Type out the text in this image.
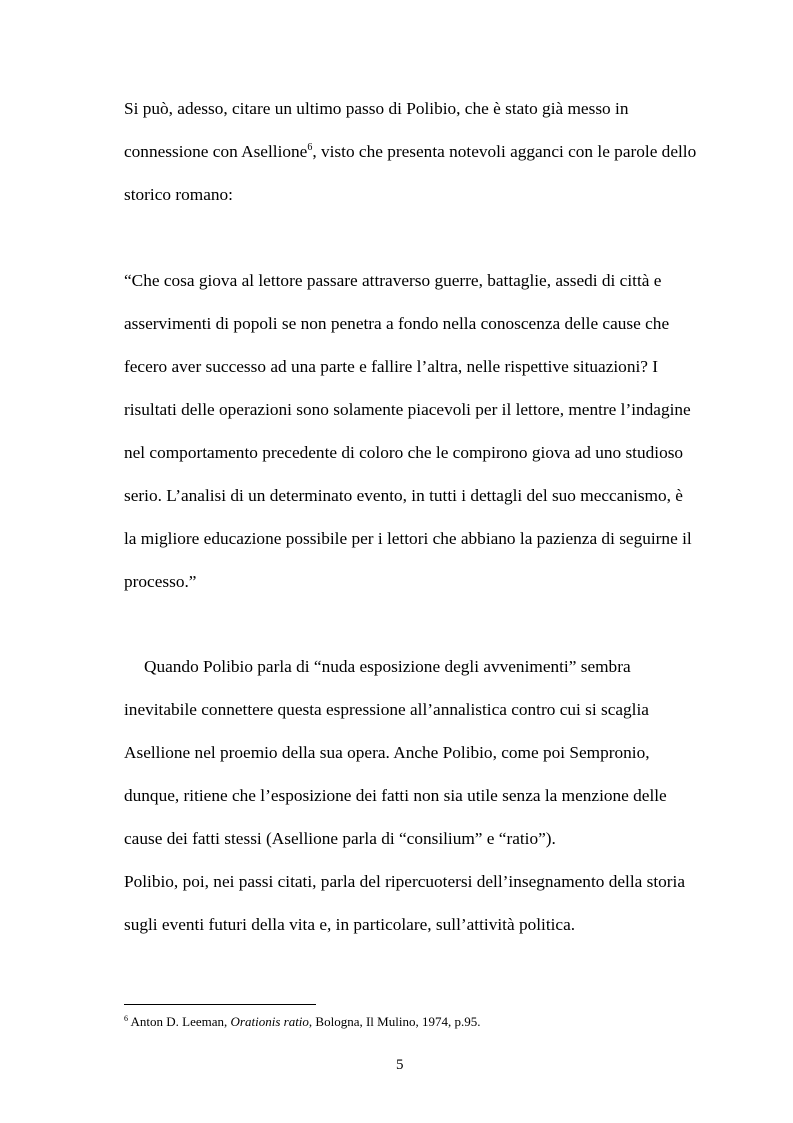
Si può, adesso, citare un ultimo passo di Polibio, che è stato già messo in connessione con Asellione$^6$, visto che presenta notevoli agganci con le parole dello storico romano:

“Che cosa giova al lettore passare attraverso guerre, battaglie, assedi di città e asservimenti di popoli se non penetra a fondo nella conoscenza delle cause che fecero aver successo ad una parte e fallire l’altra, nelle rispettive situazioni? I risultati delle operazioni sono solamente piacevoli per il lettore, mentre l’indagine nel comportamento precedente di coloro che le compirono giova ad uno studioso serio. L’analisi di un determinato evento, in tutti i dettagli del suo meccanismo, è la migliore educazione possibile per i lettori che abbiano la pazienza di seguirne il processo.”

Quando Polibio parla di “nuda esposizione degli avvenimenti” sembra inevitabile connettere questa espressione all’annalistica contro cui si scaglia Asellione nel proemio della sua opera. Anche Polibio, come poi Sempronio, dunque, ritiene che l’esposizione dei fatti non sia utile senza la menzione delle cause dei fatti stessi (Asellione parla di “consilium” e “ratio”).

Polibio, poi, nei passi citati, parla del ripercuotersi dell’insegnamento della storia sugli eventi futuri della vita e, in particolare, sull’attività politica.

$^6$ Anton D. Leeman, Orationis ratio, Bologna, Il Mulino, 1974, p.95.
5
